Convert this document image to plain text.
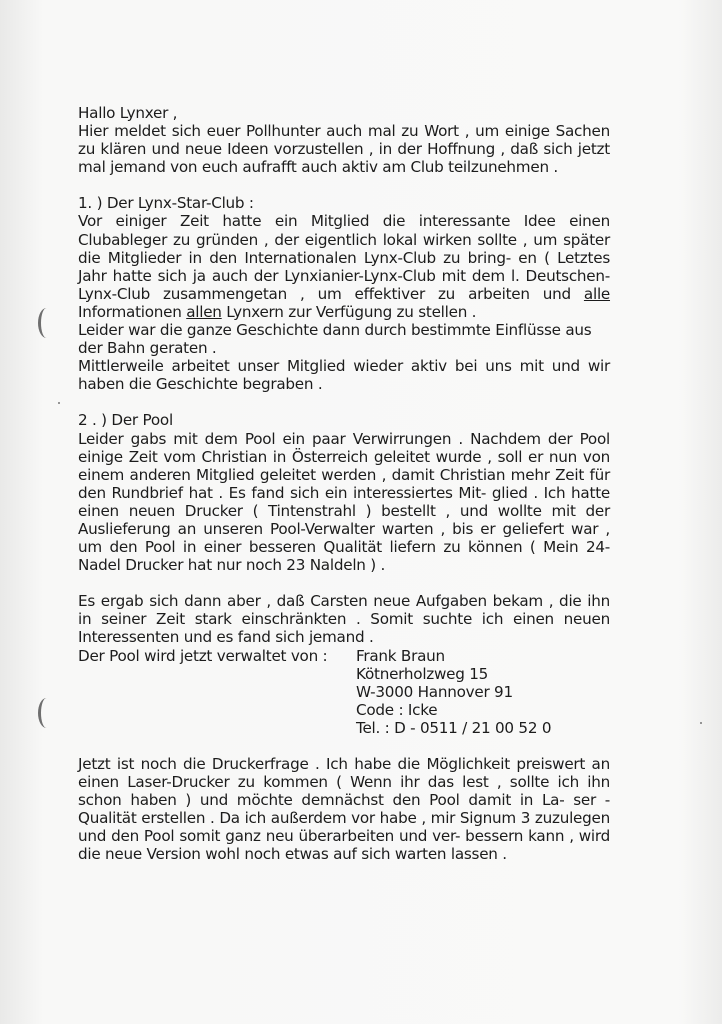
Hallo Lynxer ,

Hier meldet sich euer Pollhunter auch mal zu Wort , um einige Sachen zu klären und neue Ideen vorzustellen , in der Hoffnung , daß sich jetzt mal jemand von euch aufrafft auch aktiv am Club teilzunehmen .

1. ) Der Lynx-Star-Club :

Vor einiger Zeit hatte ein Mitglied die interessante Idee einen Clubableger zu gründen , der eigentlich lokal wirken sollte , um später die Mitglieder in den Internationalen Lynx-Club zu bring- en ( Letztes Jahr hatte sich ja auch der Lynxianier-Lynx-Club mit dem l. Deutschen-Lynx-Club zusammengetan , um effektiver zu arbeiten und alle Informationen allen Lynxern zur Verfügung zu stellen .

Leider war die ganze Geschichte dann durch bestimmte Einflüsse aus der Bahn geraten .

Mittlerweile arbeitet unser Mitglied wieder aktiv bei uns mit und wir haben die Geschichte begraben .

2 . ) Der Pool

Leider gabs mit dem Pool ein paar Verwirrungen . Nachdem der Pool einige Zeit vom Christian in Österreich geleitet wurde , soll er nun von einem anderen Mitglied geleitet werden , damit Christian mehr Zeit für den Rundbrief hat . Es fand sich ein interessiertes Mit- glied . Ich hatte einen neuen Drucker ( Tintenstrahl ) bestellt , und wollte mit der Auslieferung an unseren Pool-Verwalter warten , bis er geliefert war , um den Pool in einer besseren Qualität liefern zu können ( Mein 24-Nadel Drucker hat nur noch 23 Naldeln ) .

Es ergab sich dann aber , daß Carsten neue Aufgaben bekam , die ihn in seiner Zeit stark einschränkten . Somit suchte ich einen neuen Interessenten und es fand sich jemand .

Der Pool wird jetzt verwaltet von :	Frank Braun
Kötnerholzweg 15
W-3000 Hannover 91
Code : Icke
Tel. : D - 0511 / 21 00 52 0

Jetzt ist noch die Druckerfrage . Ich habe die Möglichkeit preiswert an einen Laser-Drucker zu kommen ( Wenn ihr das lest , sollte ich ihn schon haben ) und möchte demnächst den Pool damit in La- ser - Qualität erstellen . Da ich außerdem vor habe , mir Signum 3 zuzulegen und den Pool somit ganz neu überarbeiten und ver- bessern kann , wird die neue Version wohl noch etwas auf sich warten lassen .
